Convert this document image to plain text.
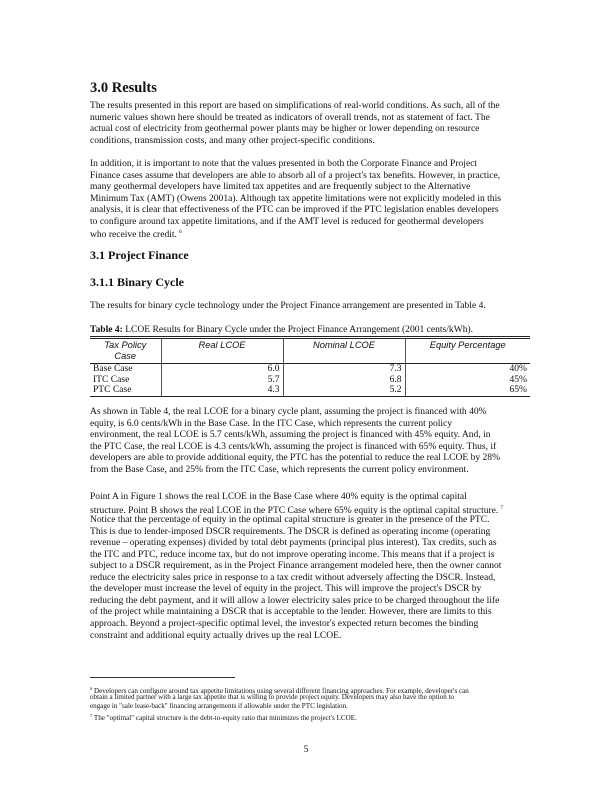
3.0 Results
The results presented in this report are based on simplifications of real-world conditions. As such, all of the
numeric values shown here should be treated as indicators of overall trends, not as statement of fact. The
actual cost of electricity from geothermal power plants may be higher or lower depending on resource
conditions, transmission costs, and many other project-specific conditions.
In addition, it is important to note that the values presented in both the Corporate Finance and Project
Finance cases assume that developers are able to absorb all of a project's tax benefits. However, in practice,
many geothermal developers have limited tax appetites and are frequently subject to the Alternative
Minimum Tax (AMT) (Owens 2001a). Although tax appetite limitations were not explicitly modeled in this
analysis, it is clear that effectiveness of the PTC can be improved if the PTC legislation enables developers
to configure around tax appetite limitations, and if the AMT level is reduced for geothermal developers
who receive the credit. $^6$
3.1 Project Finance
3.1.1 Binary Cycle
The results for binary cycle technology under the Project Finance arrangement are presented in Table 4.
Table 4: LCOE Results for Binary Cycle under the Project Finance Arrangement (2001 cents/kWh).
Tax Policy Case	Real LCOE	Nominal LCOE	Equity Percentage
Base Case	6.0	7.3	40%
ITC Case	5.7	6.8	45%
PTC Case	4.3	5.2	65%
As shown in Table 4, the real LCOE for a binary cycle plant, assuming the project is financed with 40%
equity, is 6.0 cents/kWh in the Base Case. In the ITC Case, which represents the current policy
environment, the real LCOE is 5.7 cents/kWh, assuming the project is financed with 45% equity. And, in
the PTC Case, the real LCOE is 4.3 cents/kWh, assuming the project is financed with 65% equity. Thus, if
developers are able to provide additional equity, the PTC has the potential to reduce the real LCOE by 28%
from the Base Case, and 25% from the ITC Case, which represents the current policy environment.
Point A in Figure 1 shows the real LCOE in the Base Case where 40% equity is the optimal capital
structure. Point B shows the real LCOE in the PTC Case where 65% equity is the optimal capital structure. $^7$
Notice that the percentage of equity in the optimal capital structure is greater in the presence of the PTC.
This is due to lender-imposed DSCR requirements. The DSCR is defined as operating income (operating
revenue – operating expenses) divided by total debt payments (principal plus interest). Tax credits, such as
the ITC and PTC, reduce income tax, but do not improve operating income. This means that if a project is
subject to a DSCR requirement, as in the Project Finance arrangement modeled here, then the owner cannot
reduce the electricity sales price in response to a tax credit without adversely affecting the DSCR. Instead,
the developer must increase the level of equity in the project. This will improve the project's DSCR by
reducing the debt payment, and it will allow a lower electricity sales price to be charged throughout the life
of the project while maintaining a DSCR that is acceptable to the lender. However, there are limits to this
approach. Beyond a project-specific optimal level, the investor's expected return becomes the binding
constraint and additional equity actually drives up the real LCOE.
$^6$ Developers can configure around tax appetite limitations using several different financing approaches. For example, developer's can
obtain a limited partner with a large tax appetite that is willing to provide project equity. Developers may also have the option to
engage in "sale lease-back" financing arrangements if allowable under the PTC legislation.
$^7$ The "optimal" capital structure is the debt-to-equity ratio that minimizes the project's LCOE.
5
